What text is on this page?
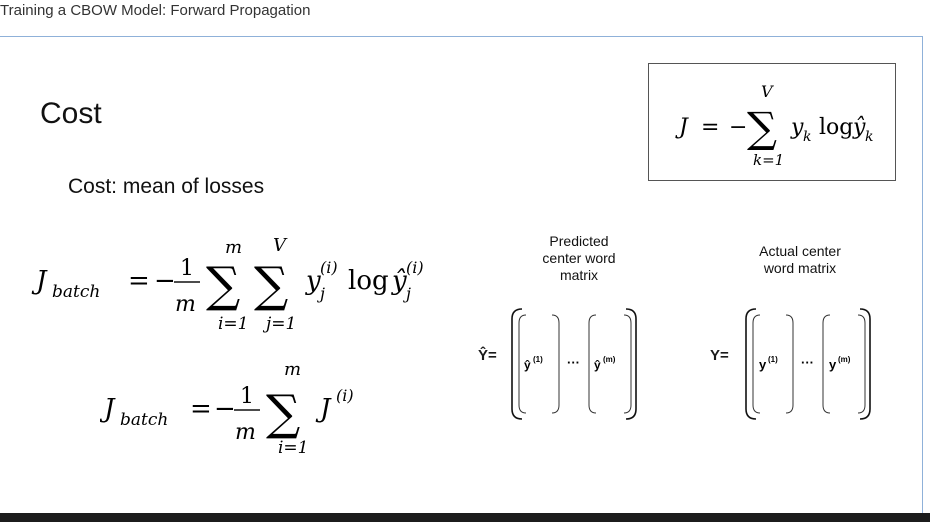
Training a CBOW Model: Forward Propagation
Cost
Cost: mean of losses
J = − ∑
V
k=1
y k log ŷ k
J batch = − 1
m ∑
m
i=1
∑
V
j=1
y (i)
j log ŷ (i)
j
J batch = − 1
m ∑
m
i=1
J (i)
Predicted
center word
matrix
Ŷ=
ŷ (1) ··· ŷ (m)
Actual center
word matrix
Y=
y (1) ··· y (m)
